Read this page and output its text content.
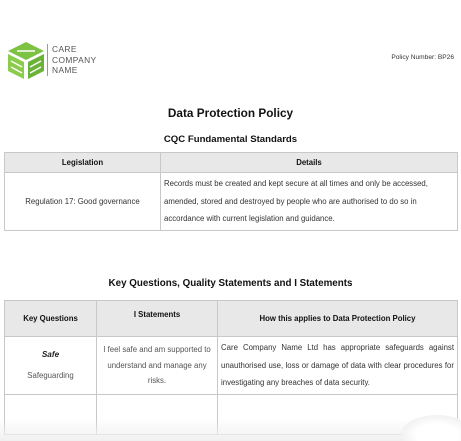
CARE
COMPANY
NAME
Policy Number: BP26
Data Protection Policy
CQC Fundamental Standards
Legislation	Details
Regulation 17: Good governance	Records must be created and kept secure at all times and only be accessed, amended, stored and destroyed by people who are authorised to do so in accordance with current legislation and guidance.
Key Questions, Quality Statements and I Statements
Key Questions	I Statements	How this applies to Data Protection Policy

Safe
Safeguarding	I feel safe and am supported to understand and manage any risks.	Care Company Name Ltd has appropriate safeguards against unauthorised use, loss or damage of data with clear procedures for investigating any breaches of data security.
